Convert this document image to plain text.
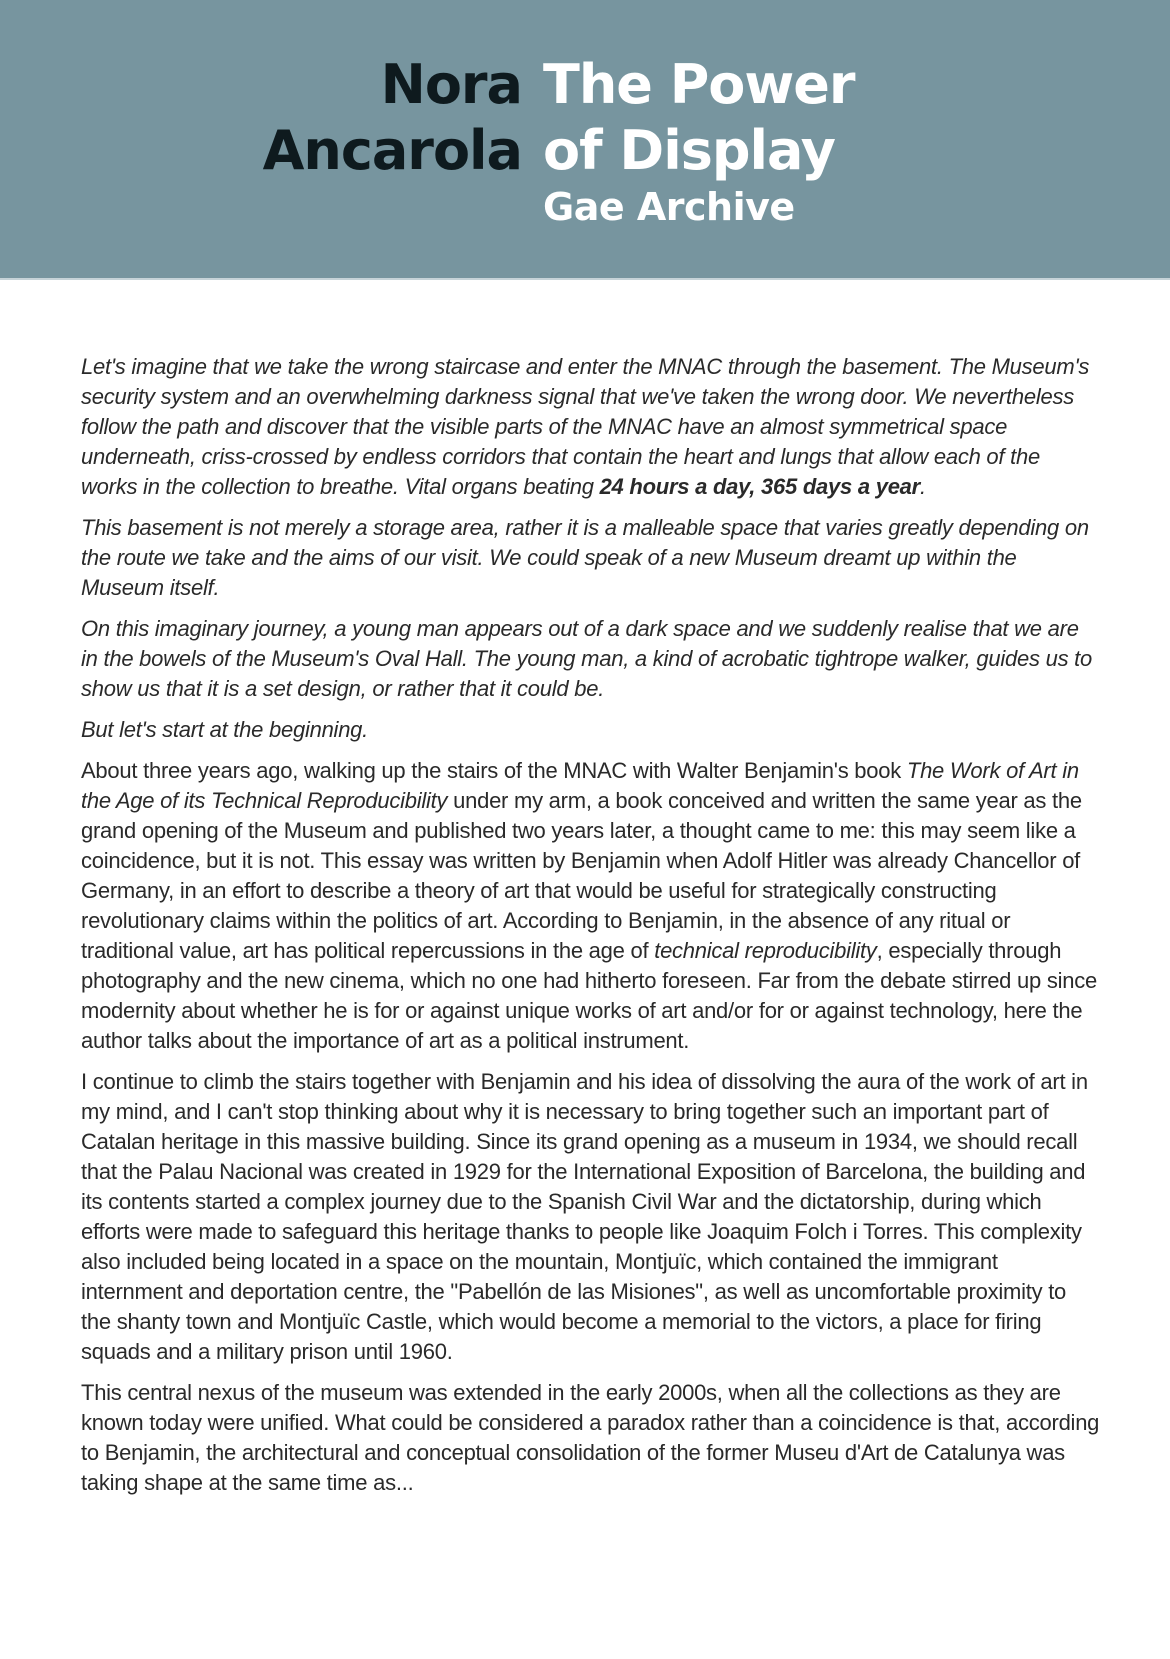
Nora
Ancarola
The Power
of Display
Gae Archive

Let's imagine that we take the wrong staircase and enter the MNAC through the basement. The Museum's security system and an overwhelming darkness signal that we've taken the wrong door. We nevertheless follow the path and discover that the visible parts of the MNAC have an almost symmetrical space underneath, criss-crossed by endless corridors that contain the heart and lungs that allow each of the works in the collection to breathe. Vital organs beating 24 hours a day, 365 days a year.

This basement is not merely a storage area, rather it is a malleable space that varies greatly depending on the route we take and the aims of our visit. We could speak of a new Museum dreamt up within the Museum itself.

On this imaginary journey, a young man appears out of a dark space and we suddenly realise that we are in the bowels of the Museum's Oval Hall. The young man, a kind of acrobatic tightrope walker, guides us to show us that it is a set design, or rather that it could be.

But let's start at the beginning.

About three years ago, walking up the stairs of the MNAC with Walter Benjamin's book The Work of Art in the Age of its Technical Reproducibility under my arm, a book conceived and written the same year as the grand opening of the Museum and published two years later, a thought came to me: this may seem like a coincidence, but it is not. This essay was written by Benjamin when Adolf Hitler was already Chancellor of Germany, in an effort to describe a theory of art that would be useful for strategically constructing revolutionary claims within the politics of art. According to Benjamin, in the absence of any ritual or traditional value, art has political repercussions in the age of technical reproducibility, especially through photography and the new cinema, which no one had hitherto foreseen. Far from the debate stirred up since modernity about whether he is for or against unique works of art and/or for or against technology, here the author talks about the importance of art as a political instrument.

I continue to climb the stairs together with Benjamin and his idea of dissolving the aura of the work of art in my mind, and I can't stop thinking about why it is necessary to bring together such an important part of Catalan heritage in this massive building. Since its grand opening as a museum in 1934, we should recall that the Palau Nacional was created in 1929 for the International Exposition of Barcelona, the building and its contents started a complex journey due to the Spanish Civil War and the dictatorship, during which efforts were made to safeguard this heritage thanks to people like Joaquim Folch i Torres. This complexity also included being located in a space on the mountain, Montjuïc, which contained the immigrant internment and deportation centre, the "Pabellón de las Misiones", as well as uncomfortable proximity to the shanty town and Montjuïc Castle, which would become a memorial to the victors, a place for firing squads and a military prison until 1960.

This central nexus of the museum was extended in the early 2000s, when all the collections as they are known today were unified. What could be considered a paradox rather than a coincidence is that, according to Benjamin, the architectural and conceptual consolidation of the former Museu d'Art de Catalunya was taking shape at the same time as...
